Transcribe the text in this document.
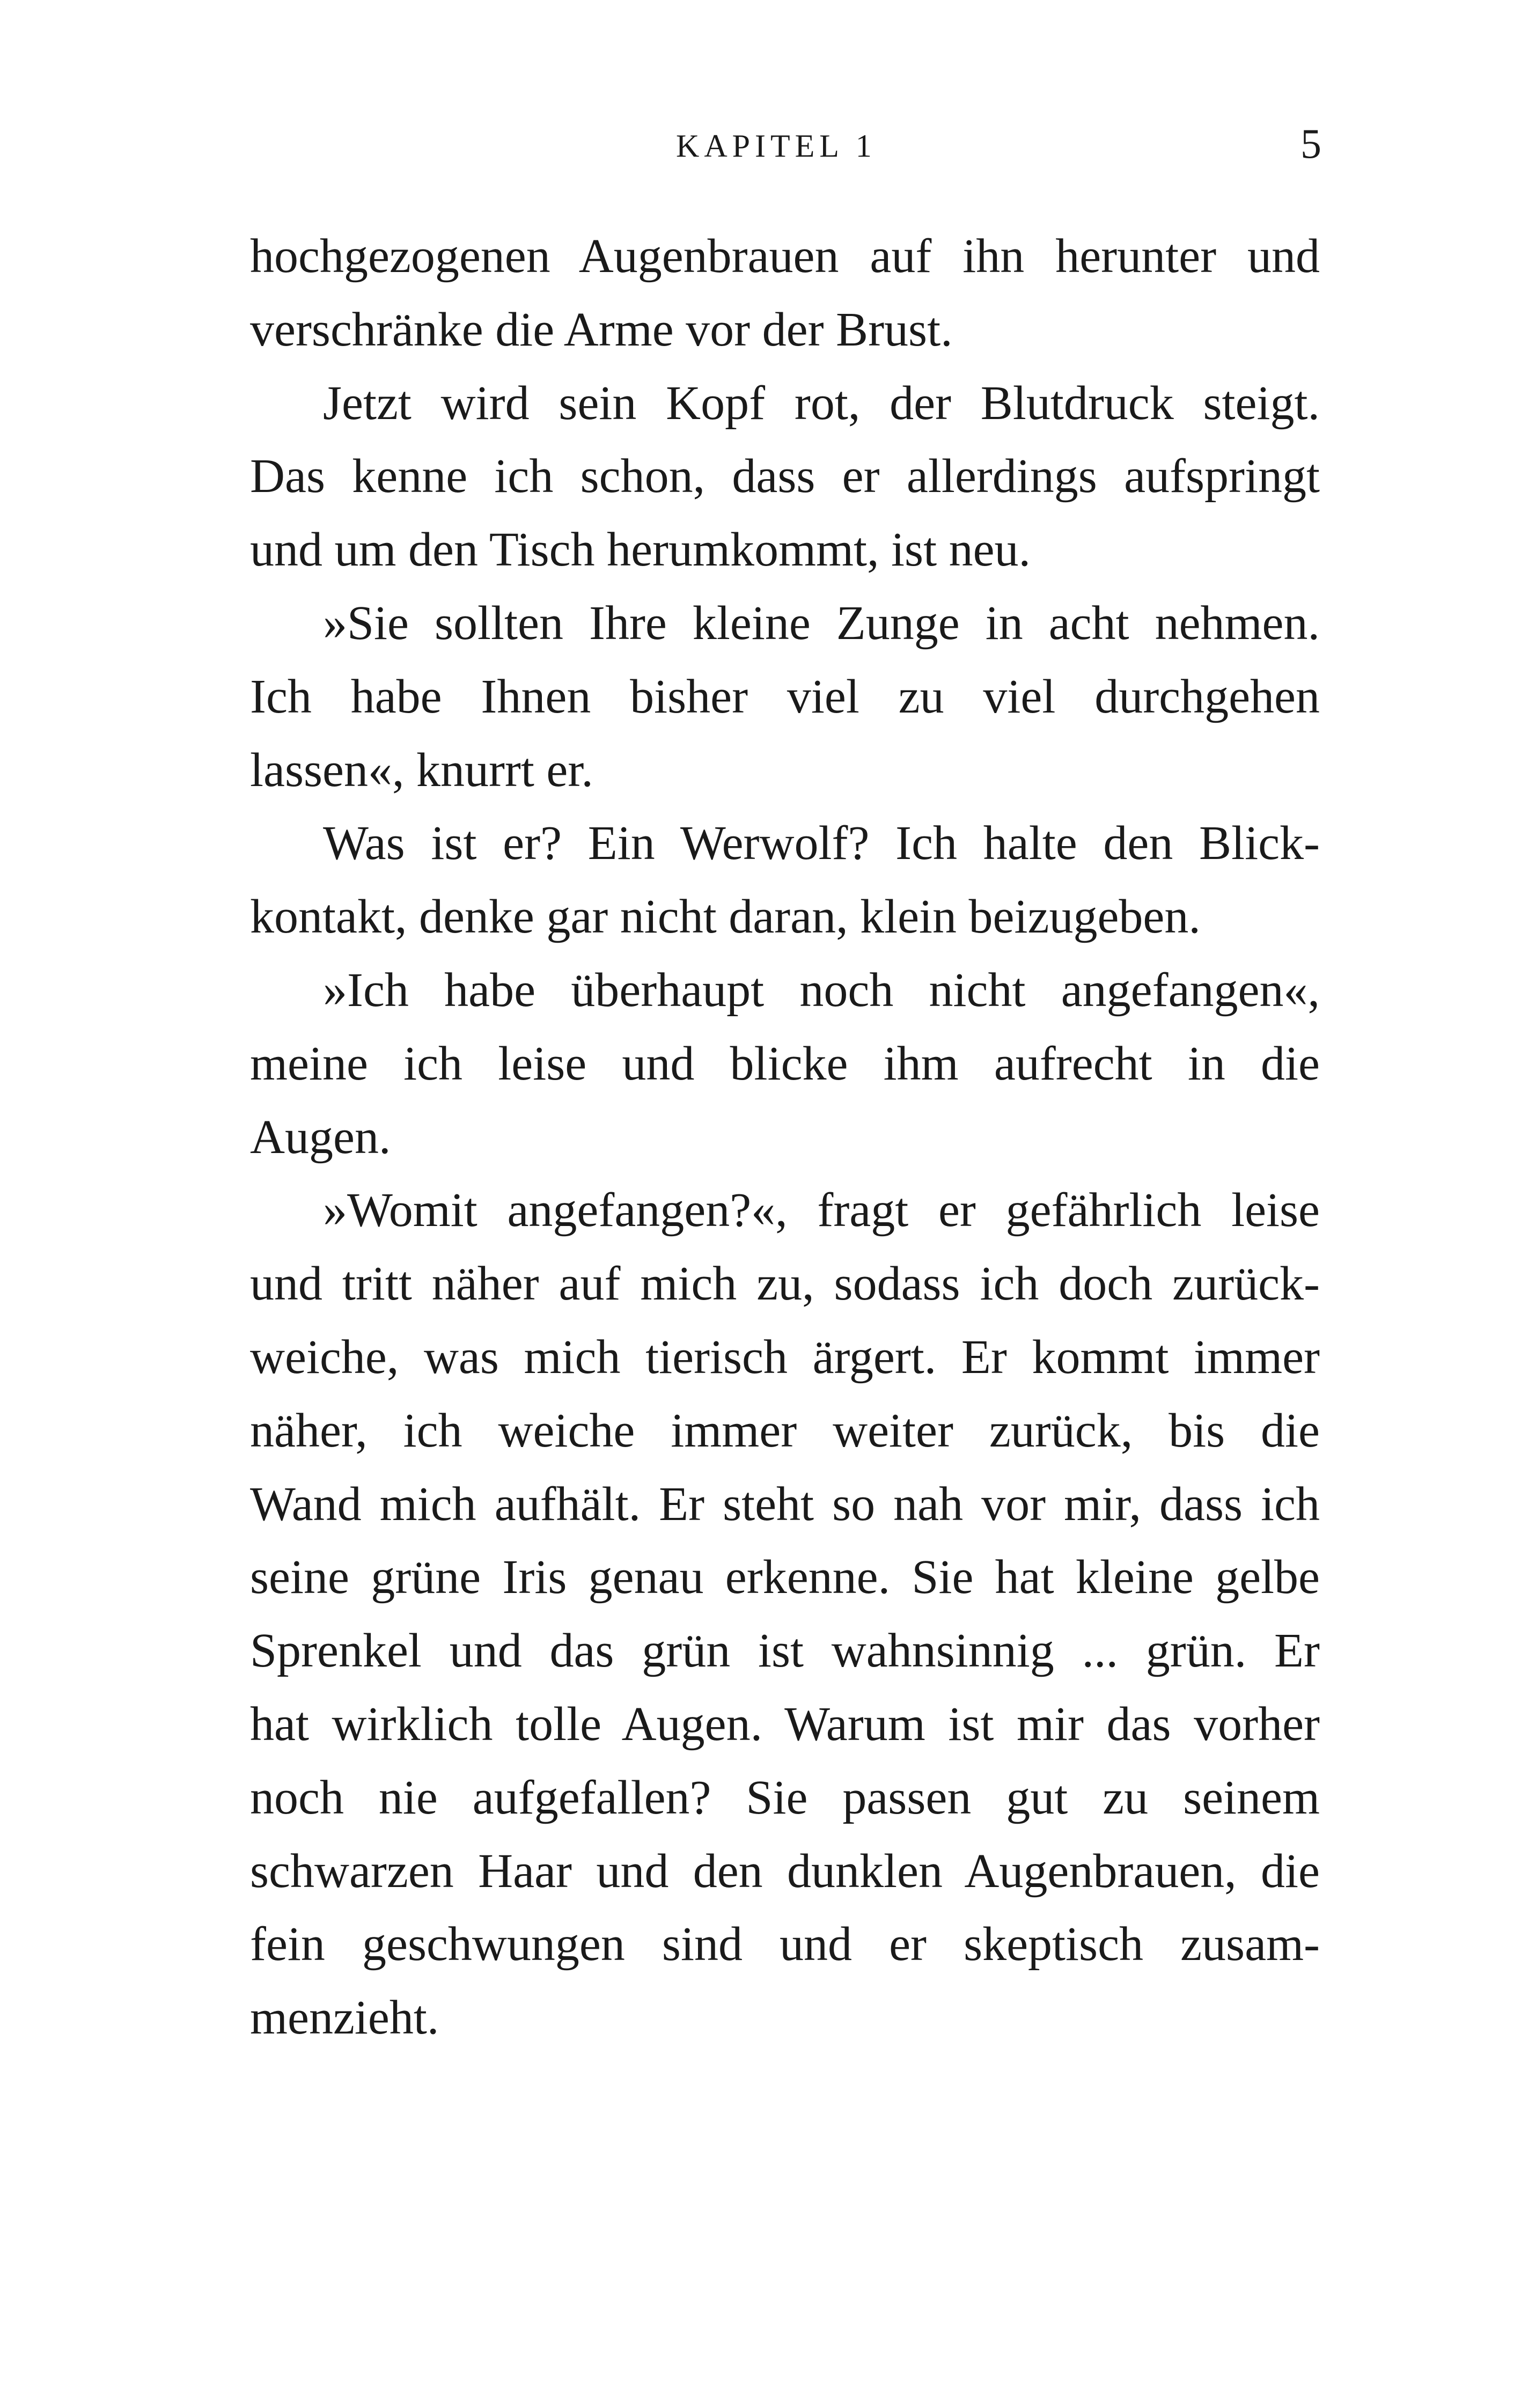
KAPITEL 1	5
hochgezogenen Augenbrauen auf ihn herunter und
verschränke die Arme vor der Brust.
Jetzt wird sein Kopf rot, der Blutdruck steigt.
Das kenne ich schon, dass er allerdings aufspringt
und um den Tisch herumkommt, ist neu.
»Sie sollten Ihre kleine Zunge in acht nehmen.
Ich habe Ihnen bisher viel zu viel durchgehen
lassen«, knurrt er.
Was ist er? Ein Werwolf? Ich halte den Blick-
kontakt, denke gar nicht daran, klein beizugeben.
»Ich habe überhaupt noch nicht angefangen«,
meine ich leise und blicke ihm aufrecht in die
Augen.
»Womit angefangen?«, fragt er gefährlich leise
und tritt näher auf mich zu, sodass ich doch zurück-
weiche, was mich tierisch ärgert. Er kommt immer
näher, ich weiche immer weiter zurück, bis die
Wand mich aufhält. Er steht so nah vor mir, dass ich
seine grüne Iris genau erkenne. Sie hat kleine gelbe
Sprenkel und das grün ist wahnsinnig ... grün. Er
hat wirklich tolle Augen. Warum ist mir das vorher
noch nie aufgefallen? Sie passen gut zu seinem
schwarzen Haar und den dunklen Augenbrauen, die
fein geschwungen sind und er skeptisch zusam-
menzieht.
